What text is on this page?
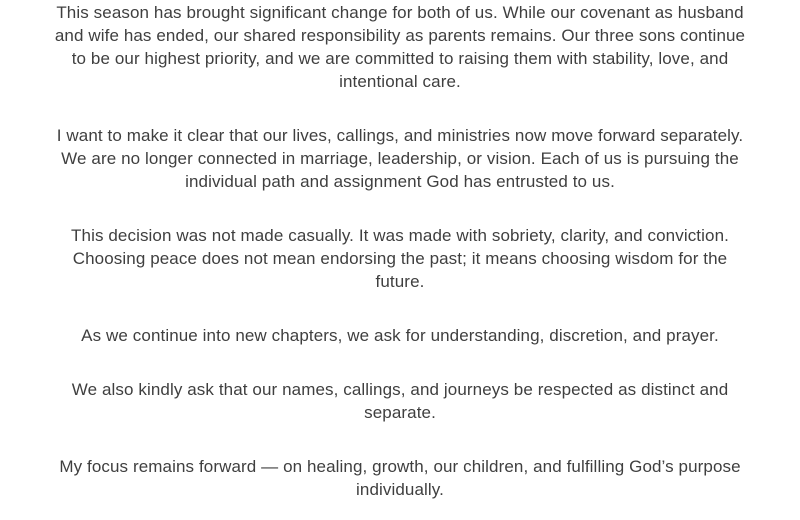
This season has brought significant change for both of us. While our covenant as husband and wife has ended, our shared responsibility as parents remains. Our three sons continue to be our highest priority, and we are committed to raising them with stability, love, and intentional care.

I want to make it clear that our lives, callings, and ministries now move forward separately. We are no longer connected in marriage, leadership, or vision. Each of us is pursuing the individual path and assignment God has entrusted to us.

This decision was not made casually. It was made with sobriety, clarity, and conviction. Choosing peace does not mean endorsing the past; it means choosing wisdom for the future.

As we continue into new chapters, we ask for understanding, discretion, and prayer.

We also kindly ask that our names, callings, and journeys be respected as distinct and separate.

My focus remains forward — on healing, growth, our children, and fulfilling God’s purpose individually.
